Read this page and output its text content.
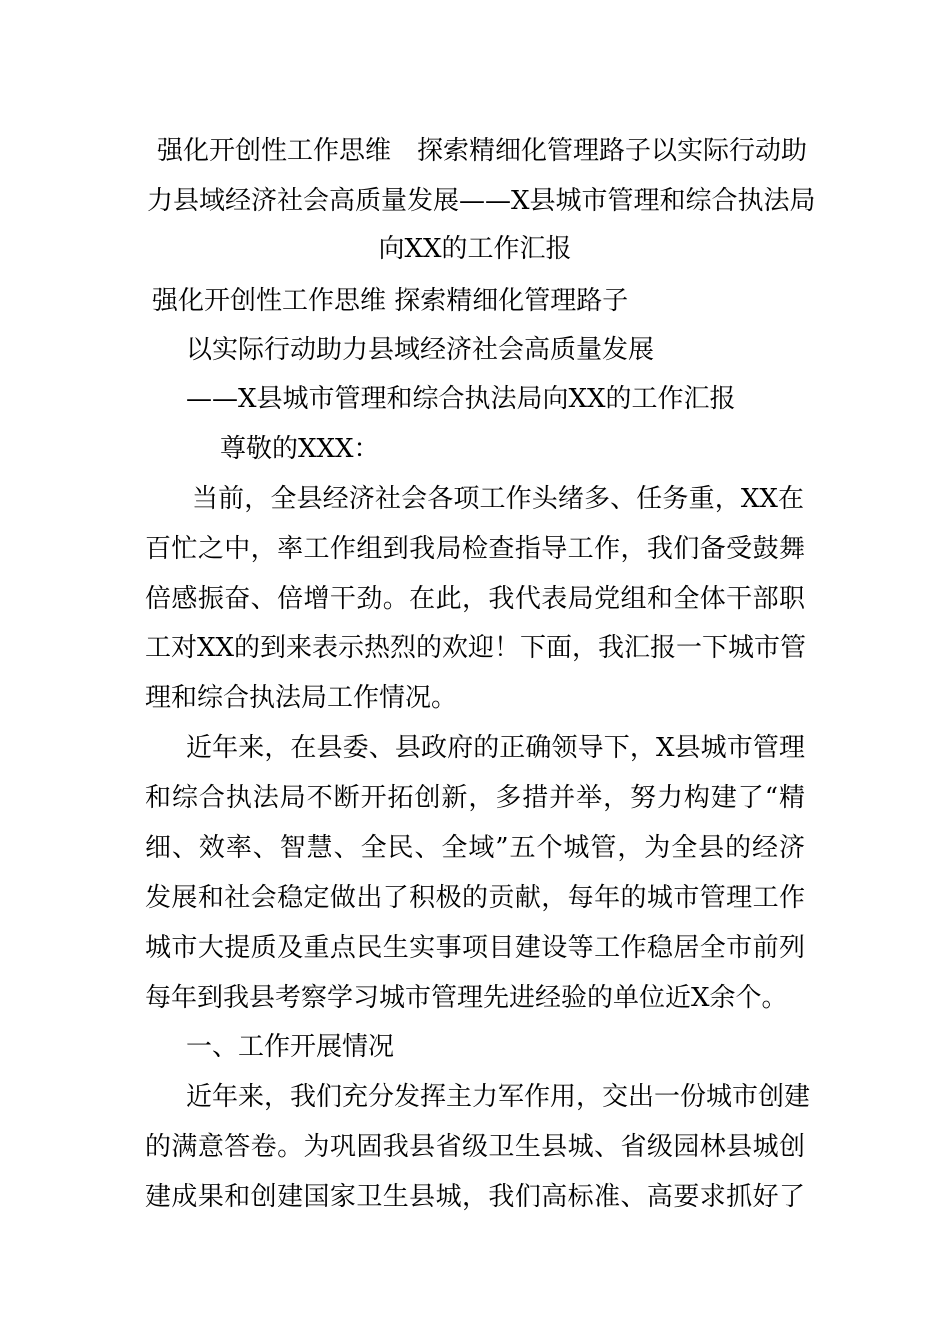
强化开创性工作思维　探索精细化管理路子以实际行动助
力县域经济社会高质量发展——X县城市管理和综合执法局
向XX的工作汇报
强化开创性工作思维 探索精细化管理路子
以实际行动助力县域经济社会高质量发展
——X县城市管理和综合执法局向XX的工作汇报
尊敬的XXX：
当前，全县经济社会各项工作头绪多、任务重，XX在
百忙之中，率工作组到我局检查指导工作，我们备受鼓舞
倍感振奋、倍增干劲。在此，我代表局党组和全体干部职
工对XX的到来表示热烈的欢迎！下面，我汇报一下城市管
理和综合执法局工作情况。
近年来，在县委、县政府的正确领导下，X县城市管理
和综合执法局不断开拓创新，多措并举，努力构建了“精
细、效率、智慧、全民、全域”五个城管，为全县的经济
发展和社会稳定做出了积极的贡献，每年的城市管理工作
城市大提质及重点民生实事项目建设等工作稳居全市前列
每年到我县考察学习城市管理先进经验的单位近X余个。
一、工作开展情况
近年来，我们充分发挥主力军作用，交出一份城市创建
的满意答卷。为巩固我县省级卫生县城、省级园林县城创
建成果和创建国家卫生县城，我们高标准、高要求抓好了
